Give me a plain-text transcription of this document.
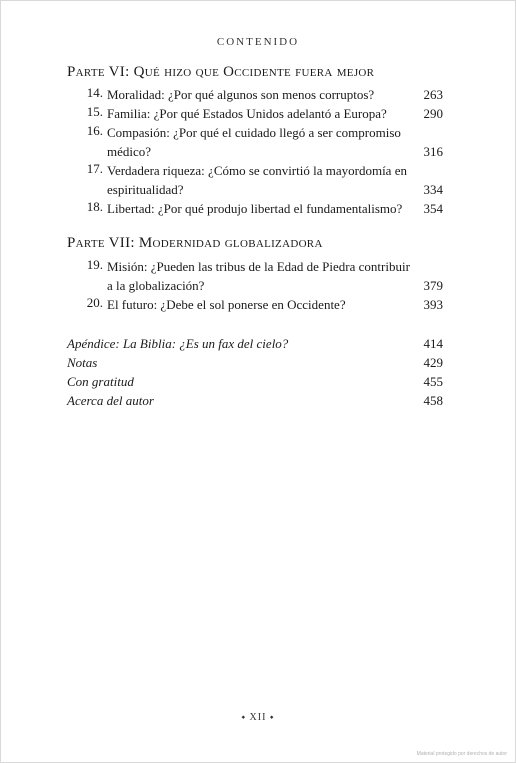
CONTENIDO
Parte VI: Qué hizo que Occidente fuera mejor
14. Moralidad: ¿Por qué algunos son menos corruptos?	263
15. Familia: ¿Por qué Estados Unidos adelantó a Europa?	290
16. Compasión: ¿Por qué el cuidado llegó a ser compromiso
médico?	316
17. Verdadera riqueza: ¿Cómo se convirtió la mayordomía en
espiritualidad?	334
18. Libertad: ¿Por qué produjo libertad el fundamentalismo?	354
Parte VII: Modernidad globalizadora
19. Misión: ¿Pueden las tribus de la Edad de Piedra contribuir
a la globalización?	379
20. El futuro: ¿Debe el sol ponerse en Occidente?	393
Apéndice: La Biblia: ¿Es un fax del cielo?	414
Notas	429
Con gratitud	455
Acerca del autor	458
⬩ XII ⬩
Material protegido por derechos de autor
